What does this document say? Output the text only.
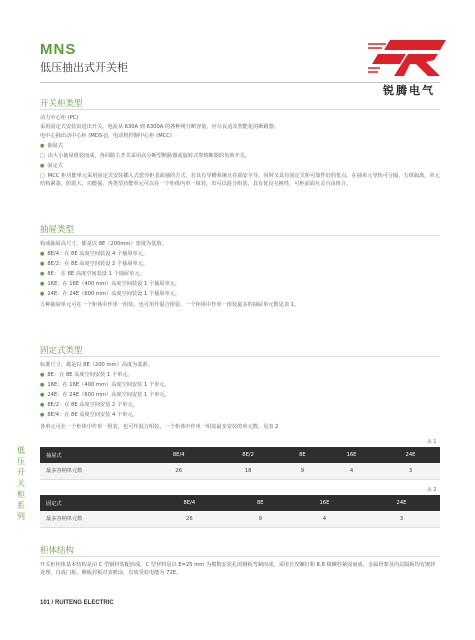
MNS
低压抽出式开关柜
锐腾电气
开关柜类型
动力中心柜 (PC)
采用固定式安装由进出开关，电流从 630A 到 6300A 的各种规分断容量，应尽良适及智能化的断路器。
电中心抽出动中心柜 (MDS-J)，电动机控制中心柜 (MCC)
● 抽屉式
□ 由大小抽屉组装而成，各回路主开关采用高分断型断路器或旋转式带熔断器的负荷开关。
● 固定式
□ MCC 柜功能单元采用固定式安装插入式您旁柜表面抽的方式，若其有导槽系统且在端安全导，同时又具有固定式柜可靠性好的优点。在抽单元导轨可分隔，五组隔离，单元结构紧凑，防震大，功能强，各类型功能单元可以在一个柜体内单一组装，出可以混合组装，具有优良互换性，可柜前面互灵自由组合。
抽屉类型
构成抽屉高尺寸，都是以 8E（200mm）宽度为基值。
● 8E/4：在 8E 高度空间装设 4 个抽屉单元。
● 8E/2：在 8E 高度空间装设 2 个抽屉单元。
● 8E： 在 8E 高度空间装设 1 个抽屉单元。
● 16E：在 16E（400 mm）高度空间装设 1 个抽屉单元。
● 24E：在 24E（600 mm）高度空间装设 1 个抽屉单元。
五种抽屉单元可在一个柜体中作单一组装，也可用作混合组装，一个柜体中作单一组装最多的抽屉单元数见表 1。
固定式类型
标准尺寸，都是以 8E（200 mm）高度为基准。
● 8E：在 8E 高度空间安装 1 个单元。
● 16E：在 16E（400 mm）高度空间安装 1 个单元。
● 24E：在 24E（600 mm）高度空间安装 1 个单元。
● 8E/2：在 8E 高度空间安装 2 个单元。
● 8E/4：在 8E 高度空间安装 4 个单元。
各单元可在一个柜体中作单一组装，也可作混合组装，一个柜体中作单一组装最多安装的单元数，见表 2
低压开关柜系列
表 1
抽屉式	8E/4	8E/2	8E	16E	24E
最多容纳单元数	26	18	9	4	3
表 2
固定式	8E/4	8E	16E	24E
最多容纳单元数	26	9	4	3
柜体结构
开关柜柜体基本结构是由 C 型钢材装配而成。C 型材料是以 E=25 mm 为模数安装孔的钢板弯制而成，采用自攻螺钉和 8.8 级螺栓紧固而成，金属骨架及内层隔板均有镀锌处理。自成门板，侧板封板对表喷涂，有效受装电能为 72E。
101 / RUITENG ELECTRIC
